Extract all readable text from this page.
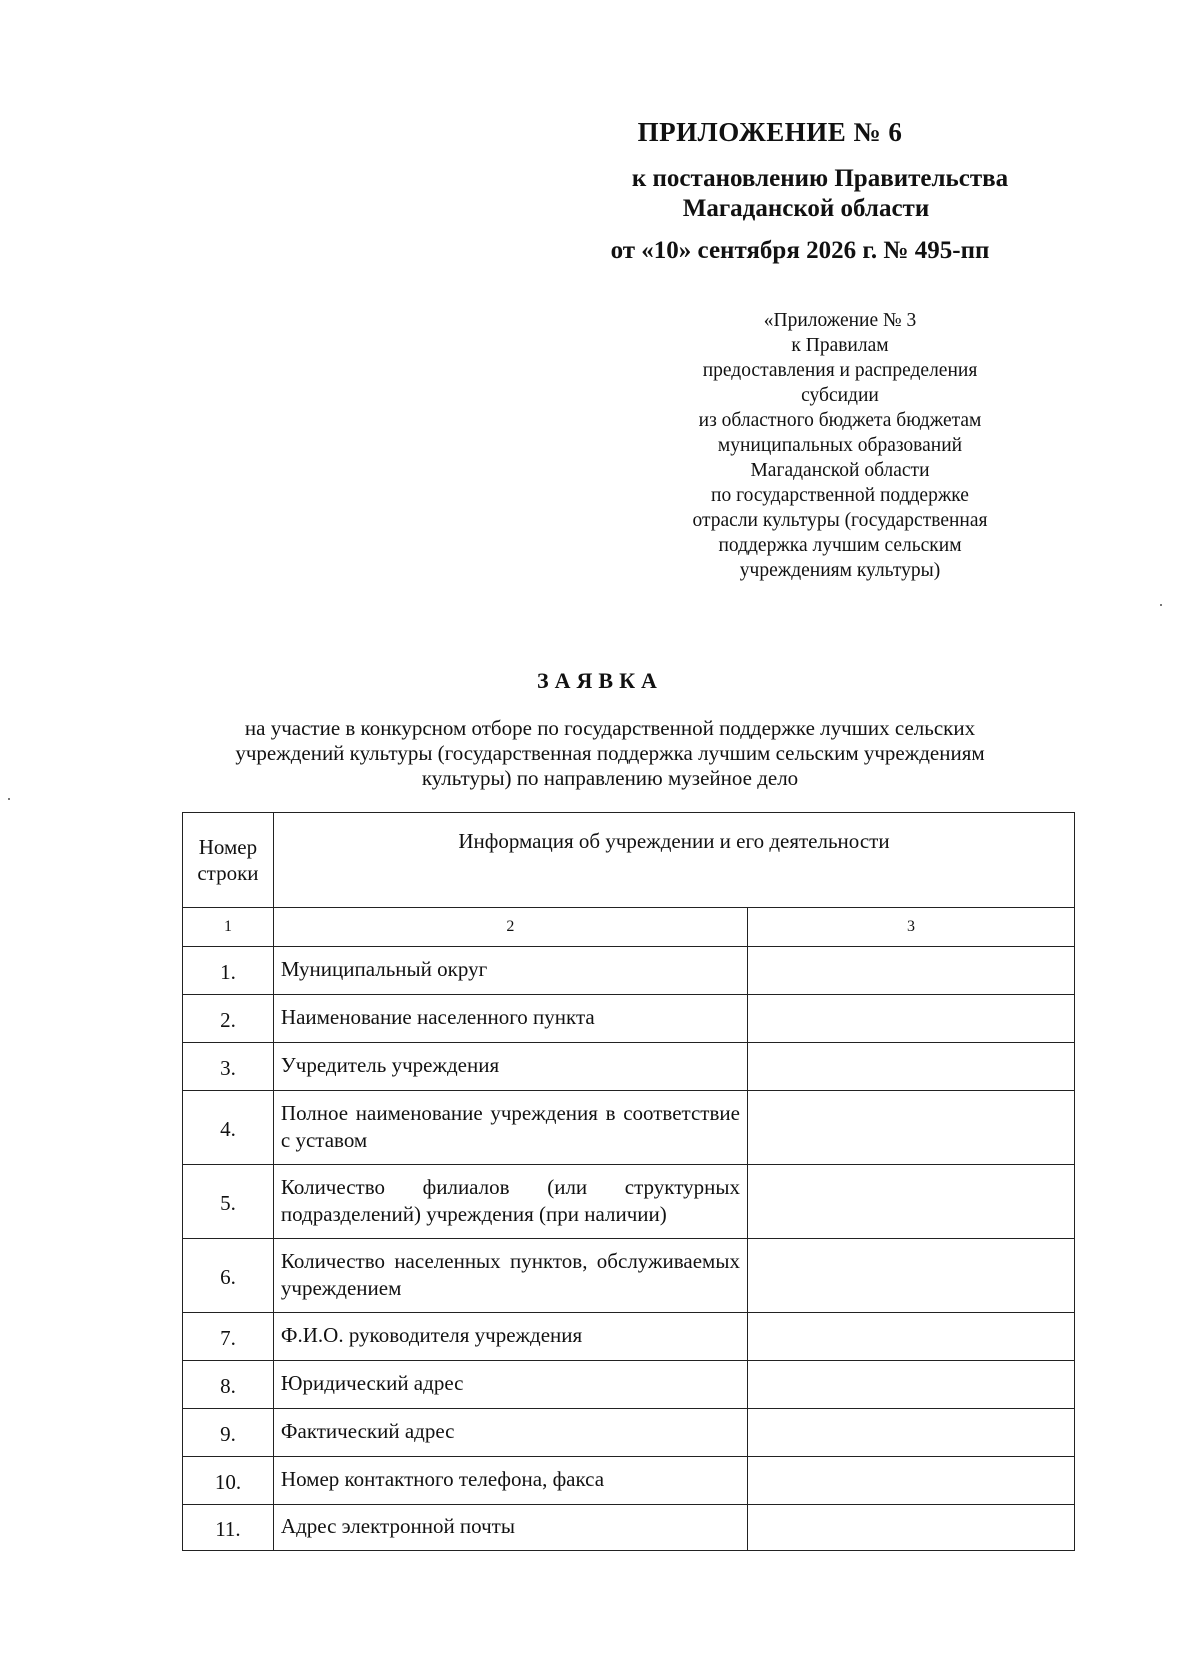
ПРИЛОЖЕНИЕ № 6
к постановлению Правительства
Магаданской области
от «10» сентября 2026 г. № 495-пп
«Приложение № 3
к Правилам
предоставления и распределения
субсидии
из областного бюджета бюджетам
муниципальных образований
Магаданской области
по государственной поддержке
отрасли культуры (государственная
поддержка лучшим сельским
учреждениям культуры)
ЗАЯВКА
на участие в конкурсном отборе по государственной поддержке лучших сельских
учреждений культуры (государственная поддержка лучшим сельским учреждениям
культуры) по направлению музейное дело
Номер строки	Информация об учреждении и его деятельности	
1	2	3
1.	Муниципальный округ	
2.	Наименование населенного пункта	
3.	Учредитель учреждения	
4.	Полное наименование учреждения в соответствие с уставом	
5.	Количество филиалов (или структурных подразделений) учреждения (при наличии)	
6.	Количество населенных пунктов, обслуживаемых учреждением	
7.	Ф.И.О. руководителя учреждения	
8.	Юридический адрес	
9.	Фактический адрес	
10.	Номер контактного телефона, факса	
11.	Адрес электронной почты	
